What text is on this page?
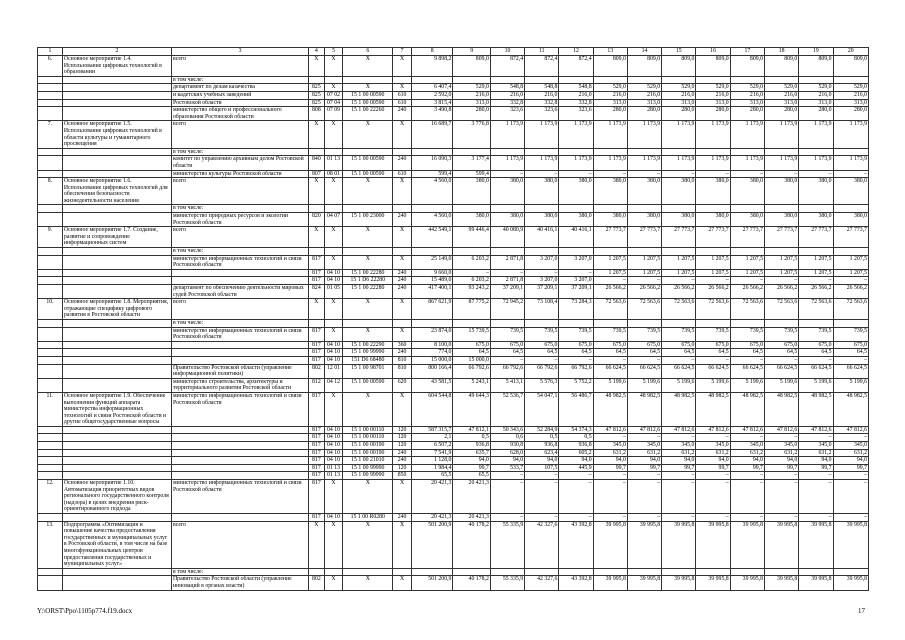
1	2	3	4	5	6	7	8	9	10	11	12	13	14	15	16	17	18	19	20
6.	Основное мероприятие 1.4. Использование цифровых технологий в образовании	всего	Х	Х	Х	Х	9 898,2	809,0	872,4	872,4	872,4	809,0	809,0	809,0	809,0	809,0	809,0	809,0	809,0
		в том числе:																	
		департамент по делам казачества	825	Х	Х	Х	6 407,4	529,0	548,8	548,8	548,8	529,0	529,0	529,0	529,0	529,0	529,0	529,0	529,0
		и кадетских учебных заведений	825	07 02	15 1 00 00590	610	2 592,0	216,0	216,0	216,0	216,0	216,0	216,0	216,0	216,0	216,0	216,0	216,0	216,0
		Ростовской области	825	07 04	15 1 00 00590	610	3 815,4	313,0	332,8	332,8	332,8	313,0	313,0	313,0	313,0	313,0	313,0	313,0	313,0
		министерство общего и профессионального образования Ростовской области	808	07 09	15 1 00 22260	240	3 490,8	280,0	323,6	323,6	323,6	280,0	280,0	280,0	280,0	280,0	280,0	280,0	280,0
7.	Основное мероприятие 1.5. Использование цифровых технологий в области культуры и гуманитарного просвещения	всего	Х	Х	Х	Х	16 689,7	3 776,8	1 173,9	1 173,9	1 173,9	1 173,9	1 173,9	1 173,9	1 173,9	1 173,9	1 173,9	1 173,9	1 173,9
		в том числе:																	
		комитет по управлению архивным делом Ростовской области	840	01 13	15 1 00 00590	240	16 090,3	3 177,4	1 173,9	1 173,9	1 173,9	1 173,9	1 173,9	1 173,9	1 173,9	1 173,9	1 173,9	1 173,9	1 173,9
		министерство культуры Ростовской области	807	08 01	15 1 00 00590	610	599,4	599,4	–	–	–	–	–	–	–	–	–	–	–
8.	Основное мероприятие 1.6. Использование цифровых технологий для обеспечения безопасности жизнедеятельности населения	всего	Х	Х	Х	Х	4 560,0	380,0	380,0	380,0	380,0	380,0	380,0	380,0	380,0	380,0	380,0	380,0	380,0
		в том числе:																	
		министерство природных ресурсов и экологии Ростовской области	820	04 07	15 1 00 23000	240	4 560,0	380,0	380,0	380,0	380,0	380,0	380,0	380,0	380,0	380,0	380,0	380,0	380,0
9.	Основное мероприятие 1.7. Создание, развитие и сопровождение информационных систем	всего	Х	Х	Х	Х	442 549,1	99 446,4	40 080,9	40 416,1	40 416,1	27 773,7	27 773,7	27 773,7	27 773,7	27 773,7	27 773,7	27 773,7	27 773,7
		в том числе:																	
		министерство информационных технологий и связи Ростовской области	817	Х	Х	Х	25 149,0	6 203,2	2 871,8	3 207,0	3 207,0	1 207,5	1 207,5	1 207,5	1 207,5	1 207,5	1 207,5	1 207,5	1 207,5
			817	04 10	15 1 00 22280	240	9 660,0	–	–	–	–	1 207,5	1 207,5	1 207,5	1 207,5	1 207,5	1 207,5	1 207,5	1 207,5
			817	04 10	15 1 D6 22280	240	15 489,0	6 203,2	2 871,8	3 207,0	3 207,0	–	–	–	–	–	–	–	–
		департамент по обеспечению деятельности мировых судей Ростовской области	824	01 05	15 1 00 22280	240	417 400,1	93 243,2	37 209,1	37 209,1	37 209,1	26 566,2	26 566,2	26 566,2	26 566,2	26 566,2	26 566,2	26 566,2	26 566,2
10.	Основное мероприятие 1.8. Мероприятия, отражающие специфику цифрового развития в Ростовской области	всего	Х	Х	Х	Х	867 621,9	87 775,2	72 945,2	73 108,4	73 284,3	72 563,6	72 563,6	72 563,6	72 563,6	72 563,6	72 563,6	72 563,6	72 563,6
		в том числе:																	
		министерство информационных технологий и связи Ростовской области	817	Х	Х	Х	23 874,0	15 739,5	739,5	739,5	739,5	739,5	739,5	739,5	739,5	739,5	739,5	739,5	739,5
			817	04 10	15 1 00 22290	360	8 100,0	675,0	675,0	675,0	675,0	675,0	675,0	675,0	675,0	675,0	675,0	675,0	675,0
			817	04 10	15 1 00 99990	240	774,0	64,5	64,5	64,5	64,5	64,5	64,5	64,5	64,5	64,5	64,5	64,5	64,5
			817	04 10	151 D6 68480	810	15 000,0	15 000,0	–	–	–	–	–	–	–	–	–	–	–
		Правительство Ростовской области (управление информационной политики)	802	12 01	15 1 00 98701	810	800 166,4	66 792,6	66 792,6	66 792,6	66 792,6	66 624,5	66 624,5	66 624,5	66 624,5	66 624,5	66 624,5	66 624,5	66 624,5
		министерство строительства, архитектуры и территориального развития Ростовской области	812	04 12	15 1 00 00590	620	43 581,5	5 243,1	5 413,1	5 576,3	5 752,2	5 199,6	5 199,6	5 199,6	5 199,6	5 199,6	5 199,6	5 199,6	5 199,6
11.	Основное мероприятие 1.9. Обеспечение выполнения функций аппарата министерства информационных технологий и связи Ростовской области и другие общегосударственные вопросы	министерство информационных технологий и связи Ростовской области	817	Х	Х	Х	604 544,8	49 644,3	52 536,7	54 047,1	56 486,7	48 982,5	48 982,5	48 982,5	48 982,5	48 982,5	48 982,5	48 982,5	48 982,5
			817	04 10	15 1 00 00110	120	587 315,7	47 812,1	50 343,6	52 284,9	54 374,3	47 812,6	47 812,6	47 812,6	47 812,6	47 812,6	47 812,6	47 812,6	47 812,6
			817	04 10	15 1 00 00110	120	2,1	0,5	0,6	0,5	0,5	–	–	–	–	–	–	–	–
			817	04 10	15 1 00 00190	120	6 507,2	936,8	930,8	936,8	936,8	345,0	345,0	345,0	345,0	345,0	345,0	345,0	345,0
			817	04 10	15 1 00 00190	240	7 541,9	635,7	628,0	623,4	605,2	631,2	631,2	631,2	631,2	631,2	631,2	631,2	631,2
			817	04 10	15 1 00 21010	240	1 128,0	94,0	94,0	94,0	94,0	94,0	94,0	94,0	94,0	94,0	94,0	94,0	94,0
			817	01 13	15 1 00 99990	120	1 984,4	99,7	533,7	107,5	445,9	99,7	99,7	99,7	99,7	99,7	99,7	99,7	99,7
			817	01 13	15 1 00 99990	850	65,5	65,5	–	–	–	–	–	–	–	–	–	–	–
12.	Основное мероприятие 1.10. Автоматизация приоритетных видов регионального государственного контроля (надзора) в целях внедрения риск-ориентированного подхода	министерство информационных технологий и связи Ростовской области	817	Х	Х	Х	20 421,3	20 421,3	–	–	–	–	–	–	–	–	–	–	–
			817	04 10	15 1 00 R0280	240	20 421,3	20 421,3	–	–	–	–	–	–	–	–	–	–	–
13.	Подпрограмма «Оптимизация и повышение качества предоставления государственных и муниципальных услуг в Ростовской области, в том числе на базе многофункциональных центров предоставления государственных и муниципальных услуг»	всего	Х	Х	Х	Х	501 200,9	40 178,2	55 335,9	42 327,6	43 392,8	39 995,8	39 995,8	39 995,8	39 995,8	39 995,8	39 995,8	39 995,8	39 995,8
		в том числе:																	
		Правительство Ростовской области (управление инноваций в органах власти)	802	Х	Х	Х	501 200,9	40 178,2	55 335,9	42 327,6	43 392,8	39 995,8	39 995,8	39 995,8	39 995,8	39 995,8	39 995,8	39 995,8	39 995,8
Y:\ORST\Ppo\1105p774.f19.docx	17
